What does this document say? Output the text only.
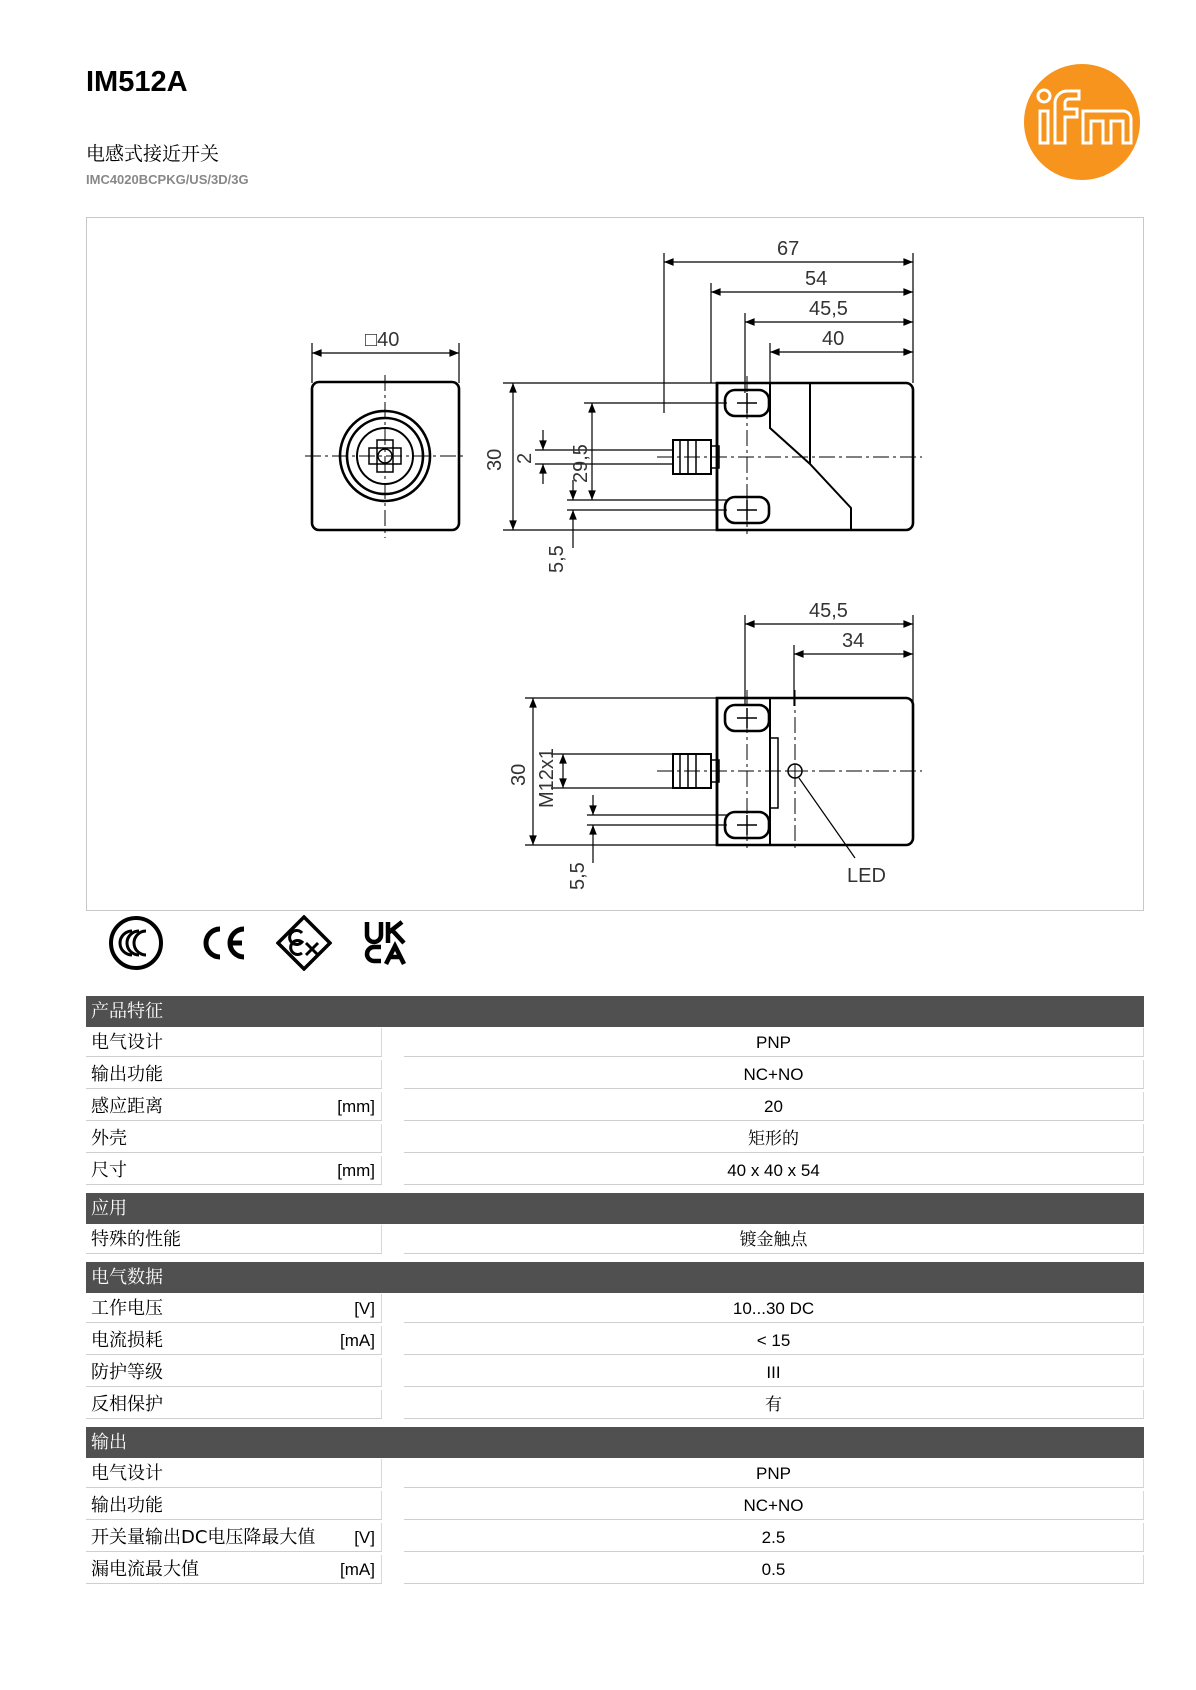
IM512A
电感式接近开关
IMC4020BCPKG/US/3D/3G
□40
67
54
45,5
40
30 2 29,5
5,5
45,5
34
LED
30 M12x1
5,5
产品特征
电气设计	PNP
输出功能	NC+NO
感应距离	[mm]	20
外壳	矩形的
尺寸	[mm]	40 x 40 x 54
应用
特殊的性能	镀金触点
电气数据
工作电压	[V]	10...30 DC
电流损耗	[mA]	< 15
防护等级	III
反相保护	有
输出
电气设计	PNP
输出功能	NC+NO
开关量输出DC电压降最大值 [V]	2.5
漏电流最大值	[mA]	0.5
